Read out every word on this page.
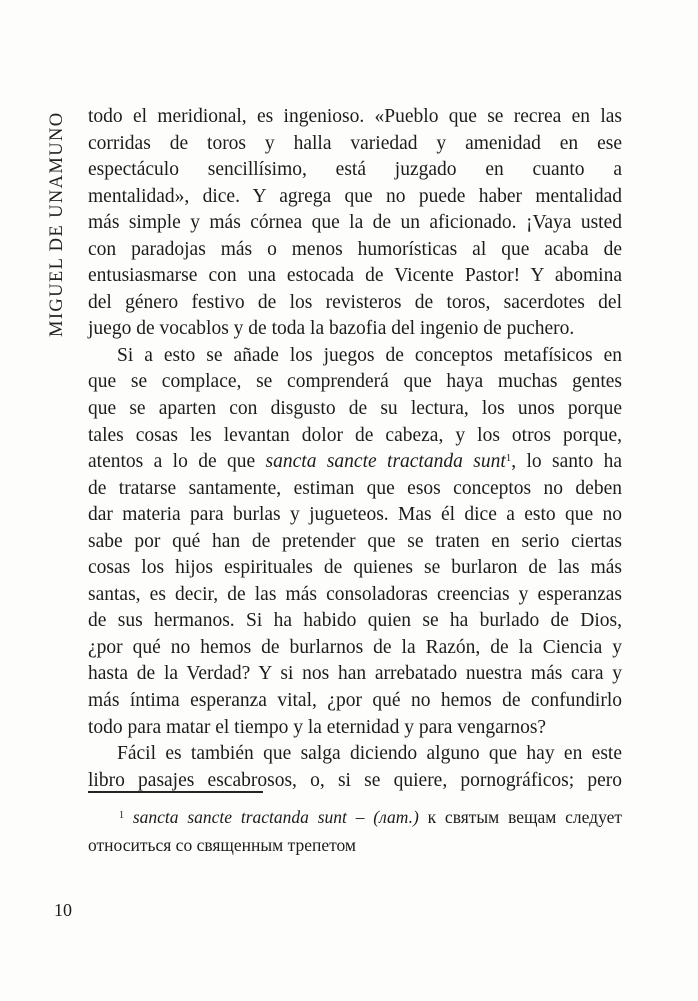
MIGUEL DE UNAMUNO todo el meridional, es ingenioso. «Pueblo que se recrea en las
corridas de toros y halla variedad y amenidad en ese
espectáculo sencillísimo, está juzgado en cuanto a
mentalidad», dice. Y agrega que no puede haber mentalidad
más simple y más córnea que la de un aficionado. ¡Vaya usted
con paradojas más o menos humorísticas al que acaba de
entusiasmarse con una estocada de Vicente Pastor! Y abomina
del género festivo de los revisteros de toros, sacerdotes del
juego de vocablos y de toda la bazofia del ingenio de puchero.
Si a esto se añade los juegos de conceptos metafísicos en
que se complace, se comprenderá que haya muchas gentes
que se aparten con disgusto de su lectura, los unos porque
tales cosas les levantan dolor de cabeza, y los otros porque,
atentos a lo de que sancta sancte tractanda sunt$^1$, lo santo ha
de tratarse santamente, estiman que esos conceptos no deben
dar materia para burlas y jugueteos. Mas él dice a esto que no
sabe por qué han de pretender que se traten en serio ciertas
cosas los hijos espirituales de quienes se burlaron de las más
santas, es decir, de las más consoladoras creencias y esperanzas
de sus hermanos. Si ha habido quien se ha burlado de Dios,
¿por qué no hemos de burlarnos de la Razón, de la Ciencia y
hasta de la Verdad? Y si nos han arrebatado nuestra más cara y
más íntima esperanza vital, ¿por qué no hemos de confundirlo
todo para matar el tiempo y la eternidad y para vengarnos?
Fácil es también que salga diciendo alguno que hay en este
libro pasajes escabrosos, o, si se quiere, pornográficos; pero
$^1$ sancta sancte tractanda sunt – (лат.) к святым вещам следует
относиться со священным трепетом
10
